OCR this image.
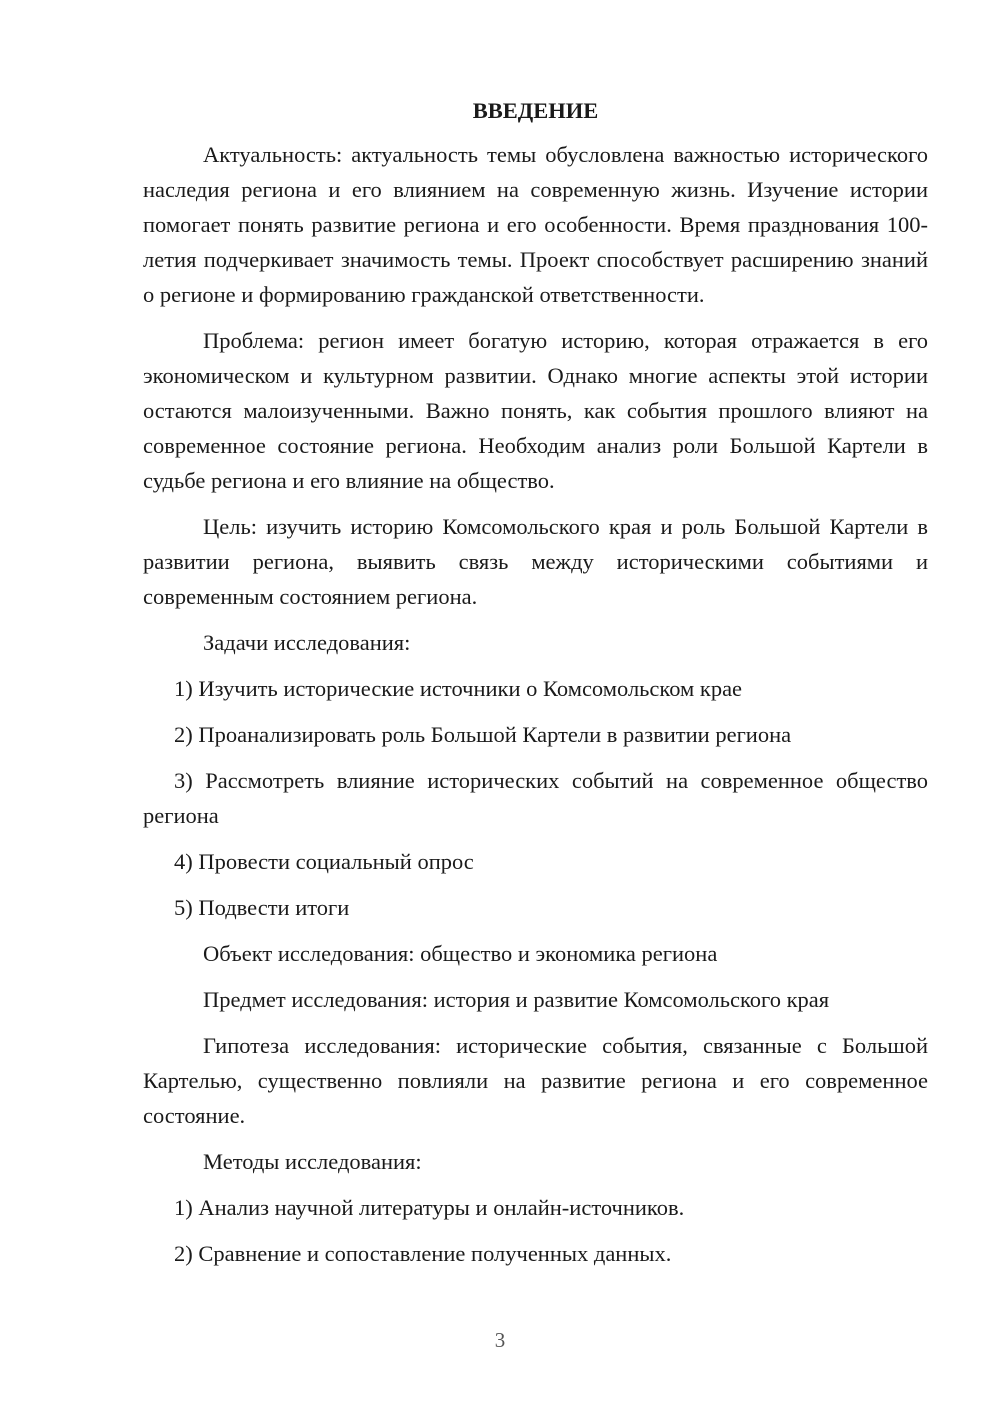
ВВЕДЕНИЕ

Актуальность: актуальность темы обусловлена важностью исторического наследия региона и его влиянием на современную жизнь. Изучение истории помогает понять развитие региона и его особенности. Время празднования 100-летия подчеркивает значимость темы. Проект способствует расширению знаний о регионе и формированию гражданской ответственности.

Проблема: регион имеет богатую историю, которая отражается в его экономическом и культурном развитии. Однако многие аспекты этой истории остаются малоизученными. Важно понять, как события прошлого влияют на современное состояние региона. Необходим анализ роли Большой Картели в судьбе региона и его влияние на общество.

Цель: изучить историю Комсомольского края и роль Большой Картели в развитии региона, выявить связь между историческими событиями и современным состоянием региона.

Задачи исследования:

1) Изучить исторические источники о Комсомольском крае

2) Проанализировать роль Большой Картели в развитии региона

3) Рассмотреть влияние исторических событий на современное общество региона

4) Провести социальный опрос

5) Подвести итоги

Объект исследования: общество и экономика региона

Предмет исследования: история и развитие Комсомольского края

Гипотеза исследования: исторические события, связанные с Большой Картелью, существенно повлияли на развитие региона и его современное состояние.

Методы исследования:

1) Анализ научной литературы и онлайн-источников.

2) Сравнение и сопоставление полученных данных.

3
